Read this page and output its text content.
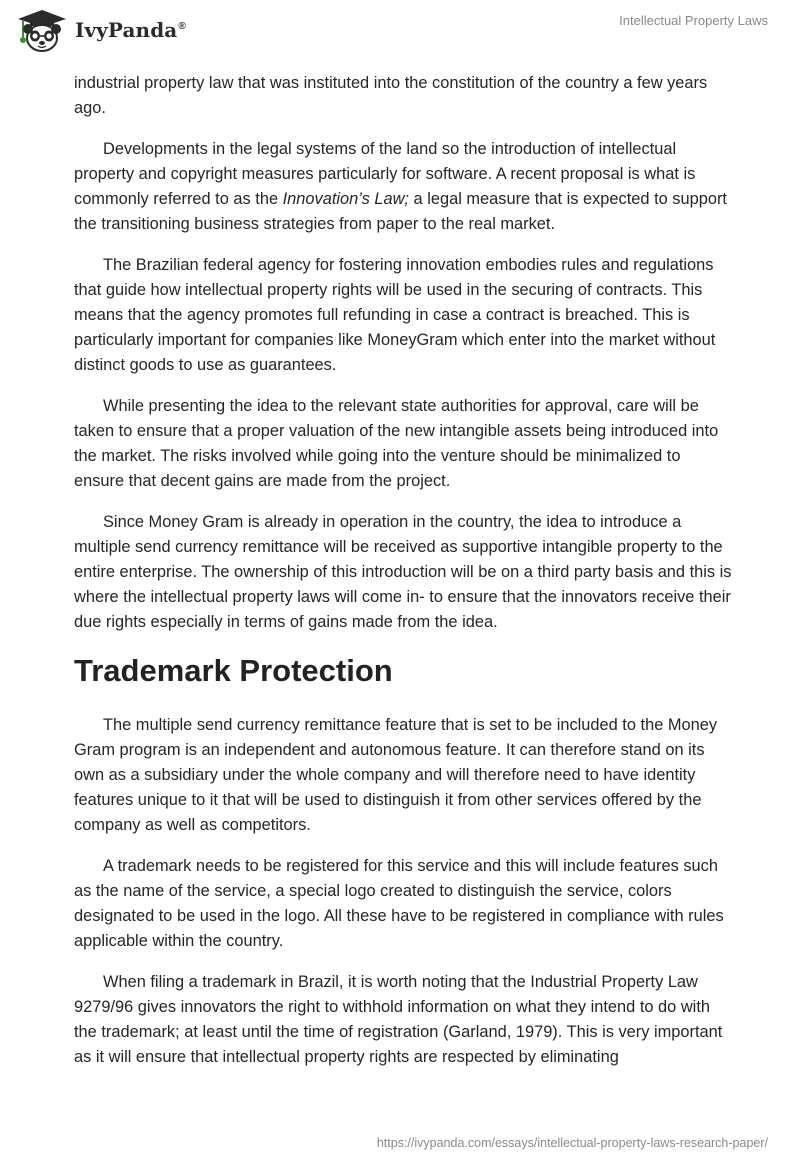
IvyPanda®	Intellectual Property Laws

industrial property law that was instituted into the constitution of the country a few years ago.

Developments in the legal systems of the land so the introduction of intellectual property and copyright measures particularly for software. A recent proposal is what is commonly referred to as the Innovation’s Law; a legal measure that is expected to support the transitioning business strategies from paper to the real market.

The Brazilian federal agency for fostering innovation embodies rules and regulations that guide how intellectual property rights will be used in the securing of contracts. This means that the agency promotes full refunding in case a contract is breached. This is particularly important for companies like MoneyGram which enter into the market without distinct goods to use as guarantees.

While presenting the idea to the relevant state authorities for approval, care will be taken to ensure that a proper valuation of the new intangible assets being introduced into the market. The risks involved while going into the venture should be minimalized to ensure that decent gains are made from the project.

Since Money Gram is already in operation in the country, the idea to introduce a multiple send currency remittance will be received as supportive intangible property to the entire enterprise. The ownership of this introduction will be on a third party basis and this is where the intellectual property laws will come in- to ensure that the innovators receive their due rights especially in terms of gains made from the idea.

Trademark Protection

The multiple send currency remittance feature that is set to be included to the Money Gram program is an independent and autonomous feature. It can therefore stand on its own as a subsidiary under the whole company and will therefore need to have identity features unique to it that will be used to distinguish it from other services offered by the company as well as competitors.

A trademark needs to be registered for this service and this will include features such as the name of the service, a special logo created to distinguish the service, colors designated to be used in the logo. All these have to be registered in compliance with rules applicable within the country.

When filing a trademark in Brazil, it is worth noting that the Industrial Property Law 9279/96 gives innovators the right to withhold information on what they intend to do with the trademark; at least until the time of registration (Garland, 1979). This is very important as it will ensure that intellectual property rights are respected by eliminating

https://ivypanda.com/essays/intellectual-property-laws-research-paper/
